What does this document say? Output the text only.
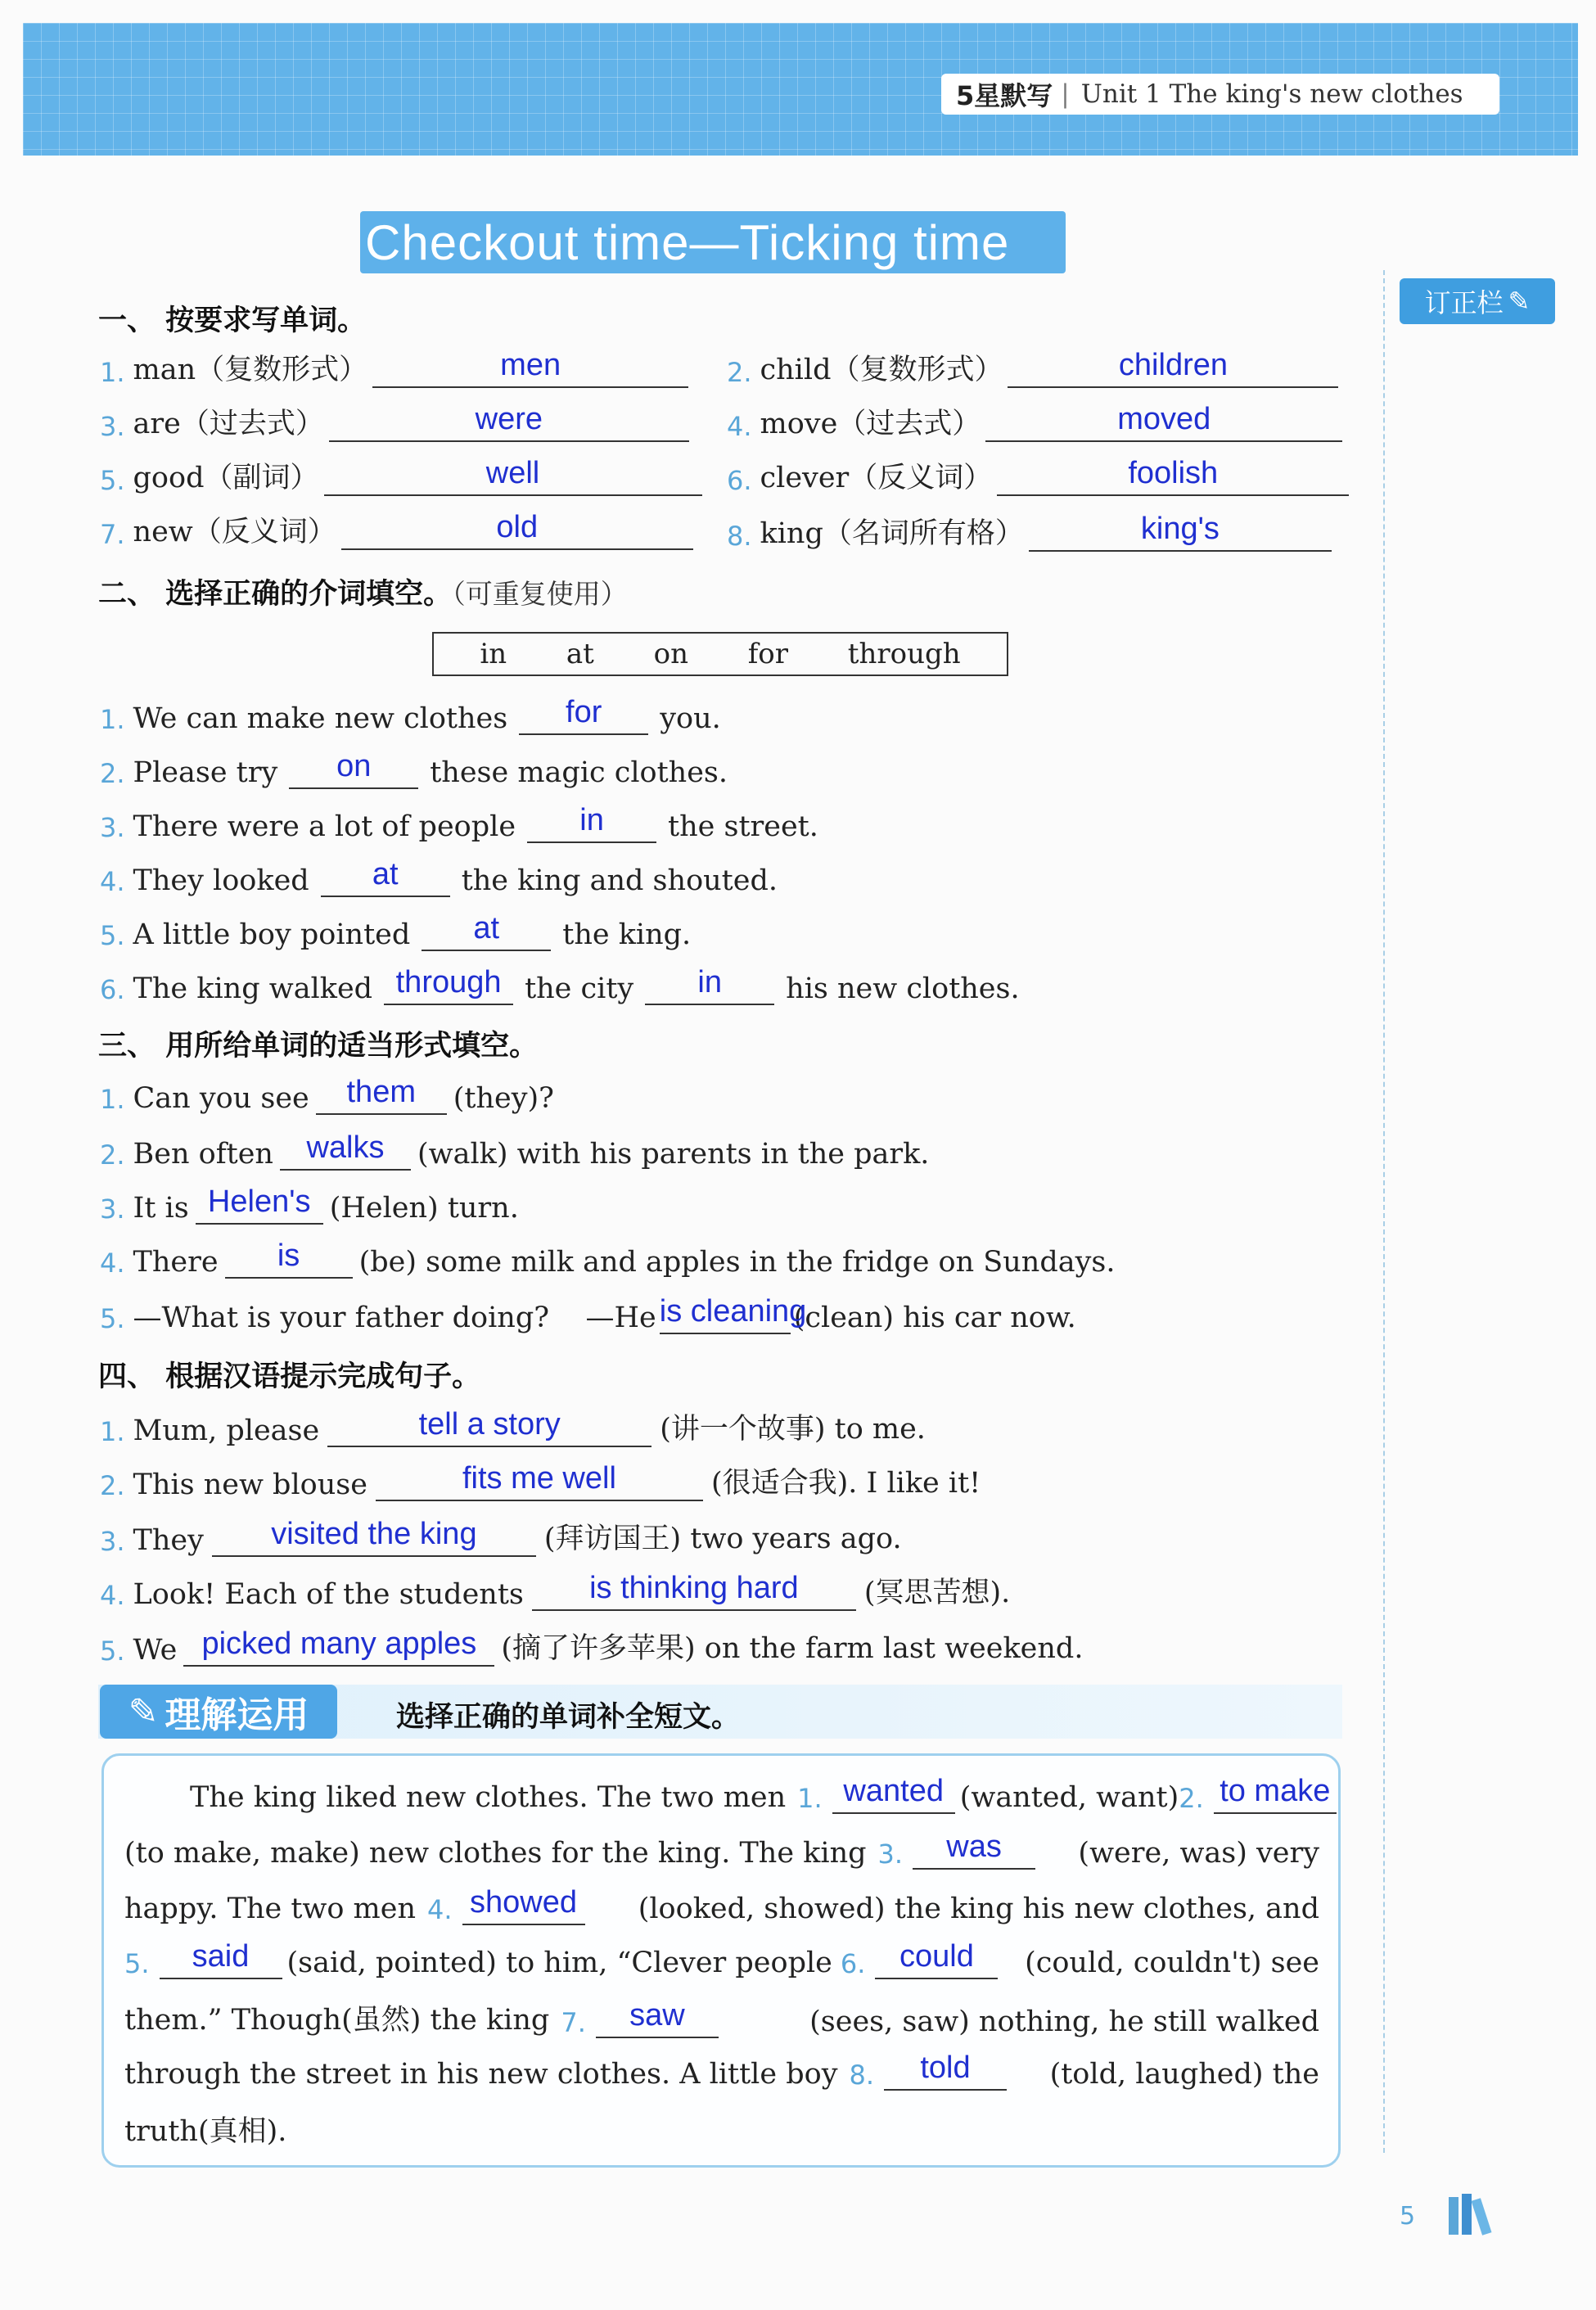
5星默写 | Unit 1 The king's new clothes
Checkout time—Ticking time
订正栏 ✎
一、 按要求写单词。
1. man（复数形式）	men	2. child（复数形式）	children
3. are（过去式）	were	4. move（过去式）	moved
5. good（副词）	well	6. clever（反义词）	foolish
7. new（反义词）	old	8. king（名词所有格）	king's
二、 选择正确的介词填空。（可重复使用）
in at on for through
1. We can make new clothes	for	you.
2. Please try	on	these magic clothes.
3. There were a lot of people	in	the street.
4. They looked	at	the king and shouted.
5. A little boy pointed	at	the king.
6. The king walked through the city	in	his new clothes.
三、 用所给单词的适当形式填空。
1. Can you see	them	(they)?
2. Ben often	walks	(walk) with his parents in the park.
3. It is Helen's (Helen) turn.
4. There	is	(be) some milk and apples in the fridge on Sundays.
5. —What is your father doing?    —He is cleaning
(clean) his car now.
四、 根据汉语提示完成句子。
1. Mum, please	tell a story	(讲一个故事) to me.
2. This new blouse	fits me well	(很适合我). I like it!
3. They	visited the king	(拜访国王) two years ago.
4. Look! Each of the students	is thinking hard	(冥思苦想).
5. We picked many apples (摘了许多苹果) on the farm last weekend.
✎ 理解运用	选择正确的单词补全短文。
The king liked new clothes. The two men 1. wanted (wanted, want) 2. to make
(to make, make) new clothes for the king. The king 3.	was	(were, was) very
happy. The two men 4. showed (looked, showed) the king his new clothes, and
5.	said	(said, pointed) to him, “Clever people 6.	could	(could, couldn't) see
them.” Though(虽然) the king 7.	saw	(sees, saw) nothing, he still walked
through the street in his new clothes. A little boy 8.	told	(told, laughed) the
truth(真相).
5
